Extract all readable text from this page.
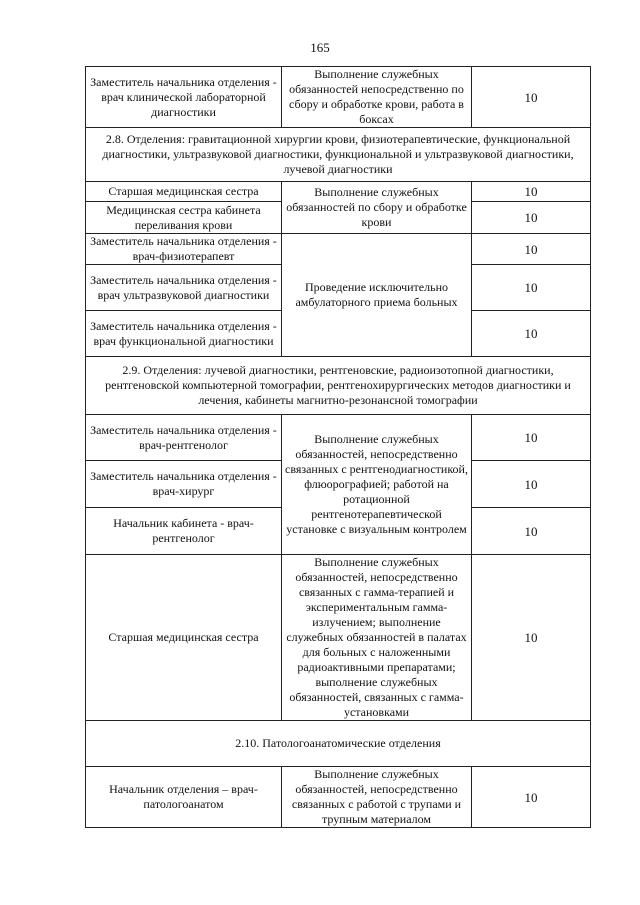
165
Заместитель начальника отделения - врач клинической лабораторной диагностики	Выполнение служебных обязанностей непосредственно по сбору и обработке крови, работа в боксах	10
2.8. Отделения: гравитационной хирургии крови, физиотерапевтические, функциональной диагностики, ультразвуковой диагностики, функциональной и ультразвуковой диагностики, лучевой диагностики		
Старшая медицинская сестра	Выполнение служебных обязанностей по сбору и обработке крови	10
Медицинская сестра кабинета переливания крови		10
Заместитель начальника отделения - врач-физиотерапевт	Проведение исключительно амбулаторного приема больных	10
Заместитель начальника отделения - врач ультразвуковой диагностики		10
Заместитель начальника отделения - врач функциональной диагностики		10
2.9. Отделения: лучевой диагностики, рентгеновские, радиоизотопной диагностики, рентгеновской компьютерной томографии, рентгенохирургических методов диагностики и лечения, кабинеты магнитно-резонансной томографии		
Заместитель начальника отделения - врач-рентгенолог	Выполнение служебных обязанностей, непосредственно связанных с рентгенодиагностикой, флюорографией; работой на ротационной рентгенотерапевтической установке с визуальным контролем	10
Заместитель начальника отделения - врач-хирург		10
Начальник кабинета - врач-рентгенолог		10
Старшая медицинская сестра	Выполнение служебных обязанностей, непосредственно связанных с гамма-терапией и экспериментальным гамма-излучением; выполнение служебных обязанностей в палатах для больных с наложенными радиоактивными препаратами; выполнение служебных обязанностей, связанных с гамма-установками	10
2.10. Патологоанатомические отделения		
Начальник отделения – врач-патологоанатом	Выполнение служебных обязанностей, непосредственно связанных с работой с трупами и трупным материалом	10
